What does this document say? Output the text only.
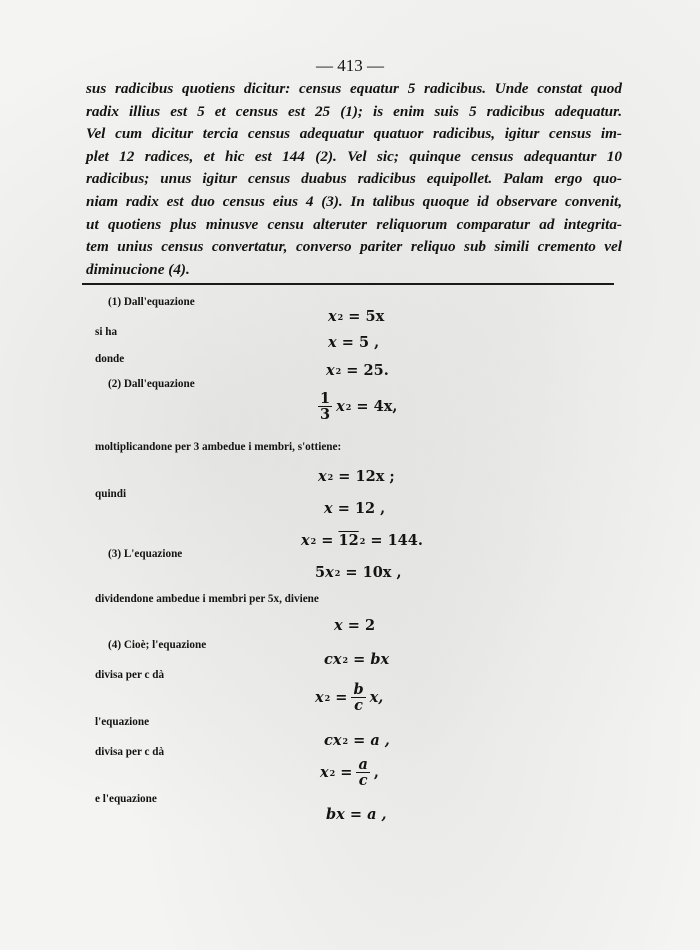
— 413 —
sus radicibus quotiens dicitur: census equatur 5 radicibus. Unde constat quod
radix illius est 5 et census est 25 (1); is enim suis 5 radicibus adequatur.
Vel cum dicitur tercia census adequatur quatuor radicibus, igitur census im-
plet 12 radices, et hic est 144 (2). Vel sic; quinque census adequantur 10
radicibus; unus igitur census duabus radicibus equipollet. Palam ergo quo-
niam radix est duo census eius 4 (3). In talibus quoque id observare convenit,
ut quotiens plus minusve censu alteruter reliquorum comparatur ad integrita-
tem unius census convertatur, converso pariter reliquo sub simili cremento vel
diminucione (4).
(1) Dall'equazione
si ha
donde
(2) Dall'equazione
moltiplicandone per 3 ambedue i membri, s'ottiene:
quindi
(3) L'equazione
dividendone ambedue i membri per 5x, diviene
(4) Cioè; l'equazione
divisa per c dà
l'equazione
divisa per c dà
e l'equazione
x 2
=
5x
x
=
5 ,
x 2
=
25.
$\frac{1}{3}$ x 2
=
4x,
x 2
=
12x ;
x
=
12 ,
x 2
=
12 2
=
144.
5 x 2
=
10x ,
x
=
2
c x 2
=
bx
x 2
= $\frac{b}{c} x$,
c x 2
=
a ,
x 2
= $\frac{a}{c}$ ,
b x
=
a ,
